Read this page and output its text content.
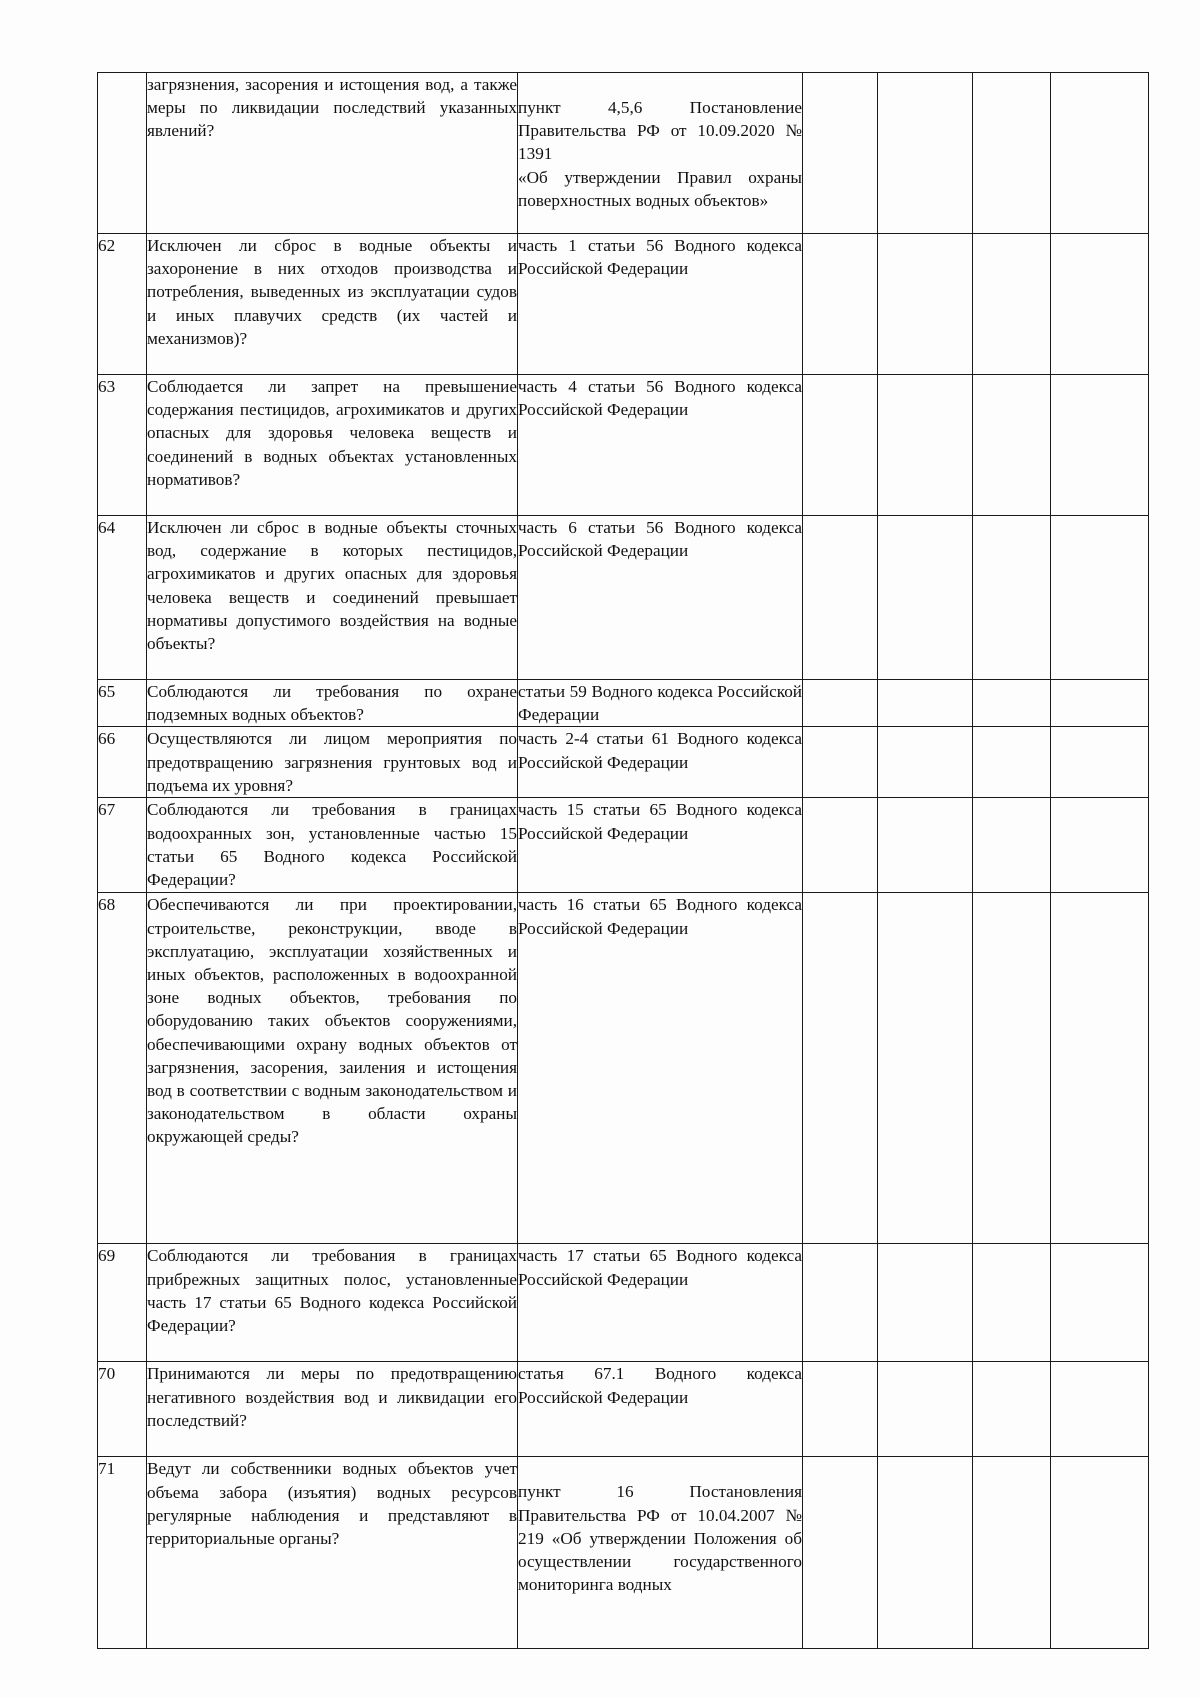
	загрязнения, засорения и истощения вод, а также меры по ликвидации последствий указанных явлений?	пункт 4,5,6 Постановление Правительства РФ от 10.09.2020 № 1391
«Об утверждении Правил охраны поверхностных водных объектов»				
62	Исключен ли сброс в водные объекты и захоронение в них отходов производства и потребления, выведенных из эксплуатации судов и иных плавучих средств (их частей и механизмов)?	часть 1 статьи 56 Водного кодекса Российской Федерации				
63	Соблюдается ли запрет на превышение содержания пестицидов, агрохимикатов и других опасных для здоровья человека веществ и соединений в водных объектах установленных нормативов?	часть 4 статьи 56 Водного кодекса Российской Федерации				
64	Исключен ли сброс в водные объекты сточных вод, содержание в которых пестицидов, агрохимикатов и других опасных для здоровья человека веществ и соединений превышает нормативы допустимого воздействия на водные объекты?	часть 6 статьи 56 Водного кодекса Российской Федерации				
65	Соблюдаются ли требования по охране подземных водных объектов?	статьи 59 Водного кодекса Российской Федерации				
66	Осуществляются ли лицом мероприятия по предотвращению загрязнения грунтовых вод и подъема их уровня?	часть 2-4 статьи 61 Водного кодекса Российской Федерации				
67	Соблюдаются ли требования в границах водоохранных зон, установленные частью 15 статьи 65 Водного кодекса Российской Федерации?	часть 15 статьи 65 Водного кодекса Российской Федерации				
68	Обеспечиваются ли при проектировании, строительстве, реконструкции, вводе в эксплуатацию, эксплуатации хозяйственных и иных объектов, расположенных в водоохранной зоне водных объектов, требования по оборудованию таких объектов сооружениями, обеспечивающими охрану водных объектов от загрязнения, засорения, заиления и истощения вод в соответствии с водным законодательством и законодательством в области охраны окружающей среды?	часть 16 статьи 65 Водного кодекса Российской Федерации				
69	Соблюдаются ли требования в границах прибрежных защитных полос, установленные часть 17 статьи 65 Водного кодекса Российской Федерации?	часть 17 статьи 65 Водного кодекса Российской Федерации				
70	Принимаются ли меры по предотвращению негативного воздействия вод и ликвидации его последствий?	статья 67.1 Водного кодекса Российской Федерации				
71	Ведут ли собственники водных объектов учет объема забора (изъятия) водных ресурсов регулярные наблюдения и представляют в территориальные органы?	пункт 16 Постановления Правительства РФ от 10.04.2007 № 219 «Об утверждении Положения об осуществлении государственного мониторинга водных				
